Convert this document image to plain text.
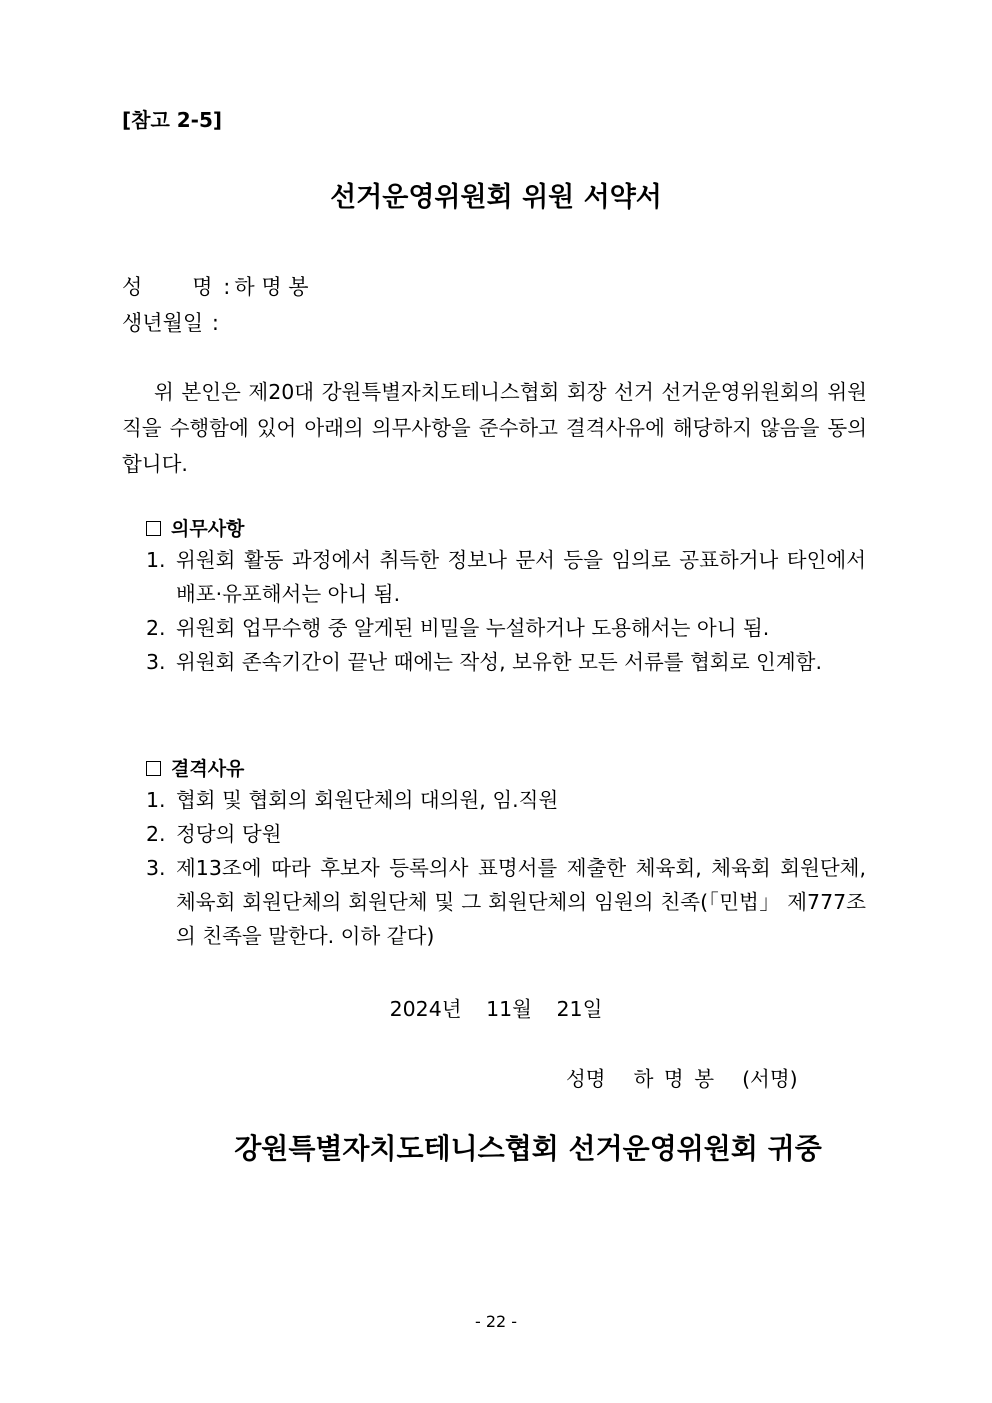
[참고 2-5]
선거운영위원회 위원 서약서
성 명 : 하 명 봉
생년월일 :
위 본인은 제20대 강원특별자치도테니스협회 회장 선거 선거운영위원회의 위원직을 수행함에 있어 아래의 의무사항을 준수하고 결격사유에 해당하지 않음을 동의합니다.
의무사항
1. 위원회 활동 과정에서 취득한 정보나 문서 등을 임의로 공표하거나 타인에서 배포·유포해서는 아니 됨.
2. 위원회 업무수행 중 알게된 비밀을 누설하거나 도용해서는 아니 됨.
3. 위원회 존속기간이 끝난 때에는 작성, 보유한 모든 서류를 협회로 인계함.
결격사유
1. 협회 및 협회의 회원단체의 대의원, 임.직원
2. 정당의 당원
3. 제13조에 따라 후보자 등록의사 표명서를 제출한 체육회, 체육회 회원단체, 체육회 회원단체의 회원단체 및 그 회원단체의 임원의 친족(「민법」 제777조의 친족을 말한다. 이하 같다)
2024년 11월 21일
성명 하 명 봉 (서명)
강원특별자치도테니스협회 선거운영위원회 귀중
- 22 -
